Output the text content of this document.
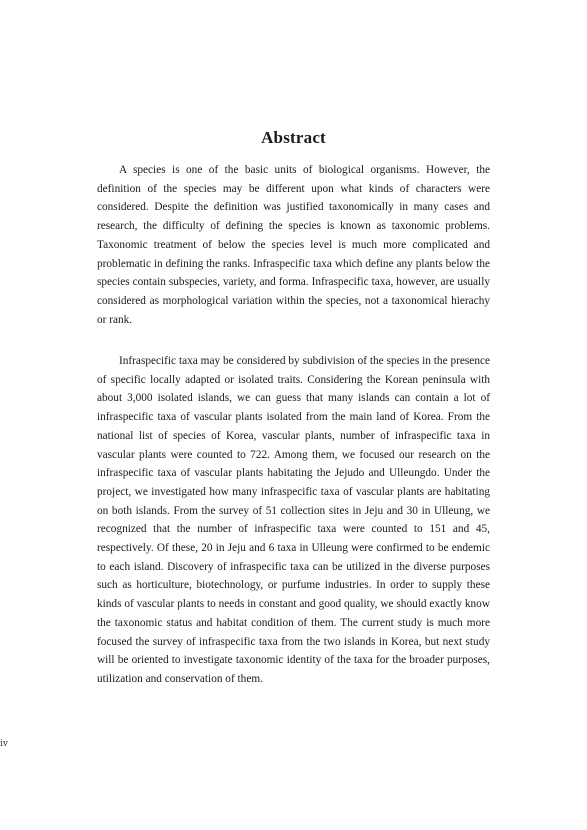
Abstract

A species is one of the basic units of biological organisms. However, the definition of the species may be different upon what kinds of characters were considered. Despite the definition was justified taxonomically in many cases and research, the difficulty of defining the species is known as taxonomic problems. Taxonomic treatment of below the species level is much more complicated and problematic in defining the ranks. Infraspecific taxa which define any plants below the species contain subspecies, variety, and forma. Infraspecific taxa, however, are usually considered as morphological variation within the species, not a taxonomical hierachy or rank.

Infraspecific taxa may be considered by subdivision of the species in the presence of specific locally adapted or isolated traits. Considering the Korean peninsula with about 3,000 isolated islands, we can guess that many islands can contain a lot of infraspecific taxa of vascular plants isolated from the main land of Korea. From the national list of species of Korea, vascular plants, number of infraspecific taxa in vascular plants were counted to 722. Among them, we focused our research on the infraspecific taxa of vascular plants habitating the Jejudo and Ulleungdo. Under the project, we investigated how many infraspecific taxa of vascular plants are habitating on both islands. From the survey of 51 collection sites in Jeju and 30 in Ulleung, we recognized that the number of infraspecific taxa were counted to 151 and 45, respectively. Of these, 20 in Jeju and 6 taxa in Ulleung were confirmed to be endemic to each island. Discovery of infraspecific taxa can be utilized in the diverse purposes such as horticulture, biotechnology, or purfume industries. In order to supply these kinds of vascular plants to needs in constant and good quality, we should exactly know the taxonomic status and habitat condition of them. The current study is much more focused the survey of infraspecific taxa from the two islands in Korea, but next study will be oriented to investigate taxonomic identity of the taxa for the broader purposes, utilization and conservation of them.

ⅳ
